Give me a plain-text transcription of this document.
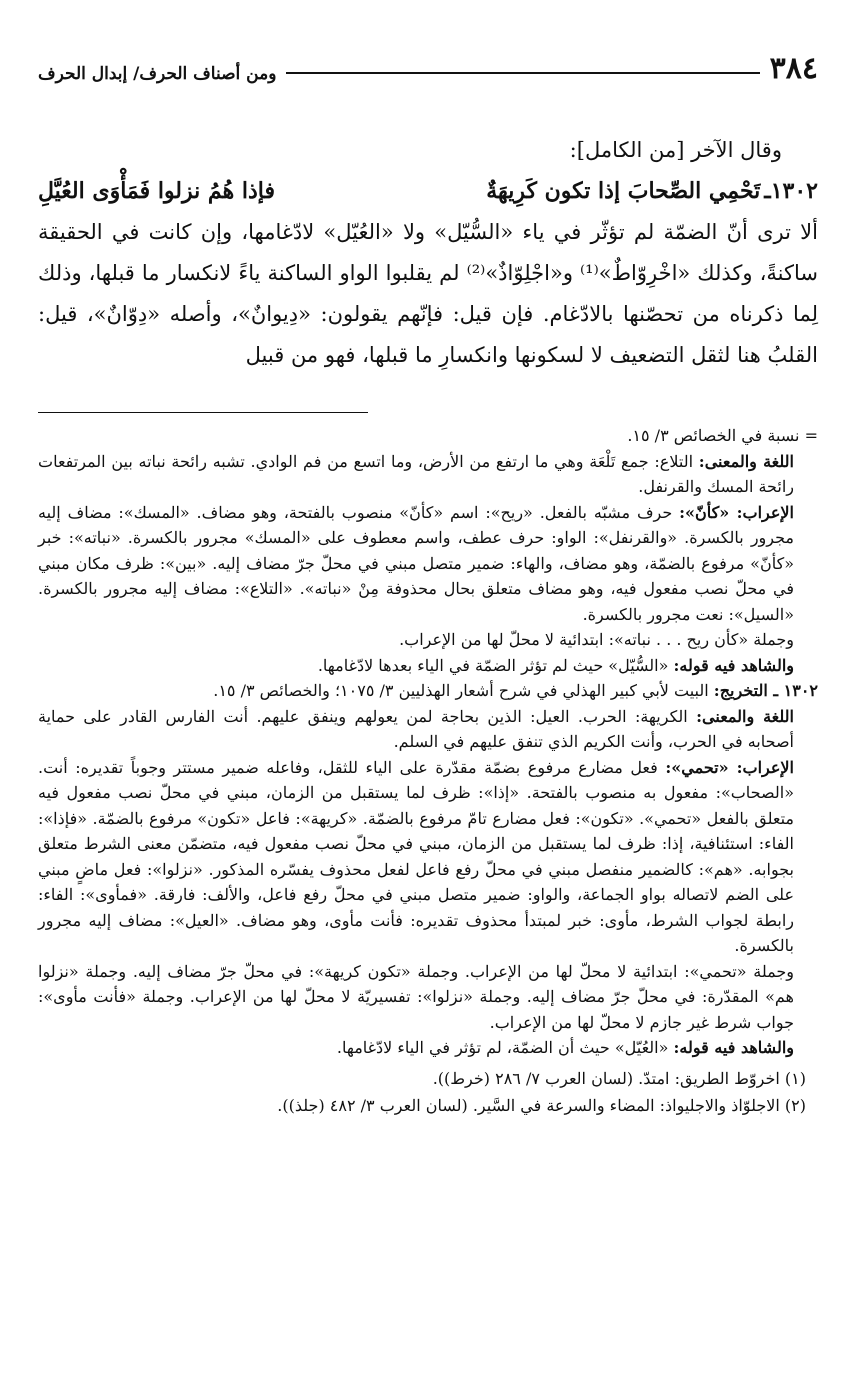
٣٨٤
ومن أصناف الحرف/ إبدال الحرف

وقال الآخر [من الكامل]:

١٣٠٢ـ
تَحْمِي الصِّحابَ إذا تكون كَرِيهَةٌ
فإذا هُمُ نزلوا فَمَأْوَى العُيَّلِ

ألا ترى أنّ الضمّة لم تؤثّر في ياء «السُّيّل» ولا «العُيّل» لادّغامها، وإن كانت في الحقيقة ساكنةً، وكذلك «اخْرِوّاطٌ»⁽¹⁾ و«اجْلِوّاذٌ»⁽²⁾ لم يقلبوا الواو الساكنة ياءً لانكسار ما قبلها، وذلك لِما ذكرناه من تحصّنها بالادّغام. فإن قيل: فإنّهم يقولون: «دِيوانٌ»، وأصله «دِوّانٌ»، قيل: القلبُ هنا لثقل التضعيف لا لسكونها وانكسارِ ما قبلها، فهو من قبيل

= نسبة في الخصائص ٣/ ١٥.

اللغة والمعنى: التلاع: جمع تَلْعَة وهي ما ارتفع من الأرض، وما اتسع من فم الوادي. تشبه رائحة نباته بين المرتفعات رائحة المسك والقرنفل.

الإعراب: «كأنّ»: حرف مشبّه بالفعل. «ريح»: اسم «كأنّ» منصوب بالفتحة، وهو مضاف. «المسك»: مضاف إليه مجرور بالكسرة. «والقرنفل»: الواو: حرف عطف، واسم معطوف على «المسك» مجرور بالكسرة. «نباته»: خبر «كأنّ» مرفوع بالضمّة، وهو مضاف، والهاء: ضمير متصل مبني في محلّ جرّ مضاف إليه. «بين»: ظرف مكان مبني في محلّ نصب مفعول فيه، وهو مضاف متعلق بحال محذوفة مِنْ «نباته». «التلاع»: مضاف إليه مجرور بالكسرة. «السيل»: نعت مجرور بالكسرة.

وجملة «كأن ريح . . . نباته»: ابتدائية لا محلّ لها من الإعراب.

والشاهد فيه قوله: «السُّيّل» حيث لم تؤثر الضمّة في الياء بعدها لادّغامها.

١٣٠٢ ـ التخريج: البيت لأبي كبير الهذلي في شرح أشعار الهذليين ٣/ ١٠٧٥؛ والخصائص ٣/ ١٥.

اللغة والمعنى: الكريهة: الحرب. العيل: الذين بحاجة لمن يعولهم وينفق عليهم. أنت الفارس القادر على حماية أصحابه في الحرب، وأنت الكريم الذي تنفق عليهم في السلم.

الإعراب: «تحمي»: فعل مضارع مرفوع بضمّة مقدّرة على الياء للثقل، وفاعله ضمير مستتر وجوباً تقديره: أنت. «الصحاب»: مفعول به منصوب بالفتحة. «إذا»: ظرف لما يستقبل من الزمان، مبني في محلّ نصب مفعول فيه متعلق بالفعل «تحمي». «تكون»: فعل مضارع تامّ مرفوع بالضمّة. «كريهة»: فاعل «تكون» مرفوع بالضمّة. «فإذا»: الفاء: استئنافية، إذا: ظرف لما يستقبل من الزمان، مبني في محلّ نصب مفعول فيه، متضمّن معنى الشرط متعلق بجوابه. «هم»: كالضمير منفصل مبني في محلّ رفع فاعل لفعل محذوف يفسّره المذكور. «نزلوا»: فعل ماضٍ مبني على الضم لاتصاله بواو الجماعة، والواو: ضمير متصل مبني في محلّ رفع فاعل، والألف: فارقة. «فمأوى»: الفاء: رابطة لجواب الشرط، مأوى: خبر لمبتدأ محذوف تقديره: فأنت مأوى، وهو مضاف. «العيل»: مضاف إليه مجرور بالكسرة.

وجملة «تحمي»: ابتدائية لا محلّ لها من الإعراب. وجملة «تكون كريهة»: في محلّ جرّ مضاف إليه. وجملة «نزلوا هم» المقدّرة: في محلّ جرّ مضاف إليه. وجملة «نزلوا»: تفسيريّة لا محلّ لها من الإعراب. وجملة «فأنت مأوى»: جواب شرط غير جازم لا محلّ لها من الإعراب.

والشاهد فيه قوله: «العُيّل» حيث أن الضمّة، لم تؤثر في الياء لادّغامها.

(١) اخروّط الطريق: امتدّ. (لسان العرب ٧/ ٢٨٦ (خرط)).

(٢) الاجلوّاذ والاجليواذ: المضاء والسرعة في السَّير. (لسان العرب ٣/ ٤٨٢ (جلذ)).
